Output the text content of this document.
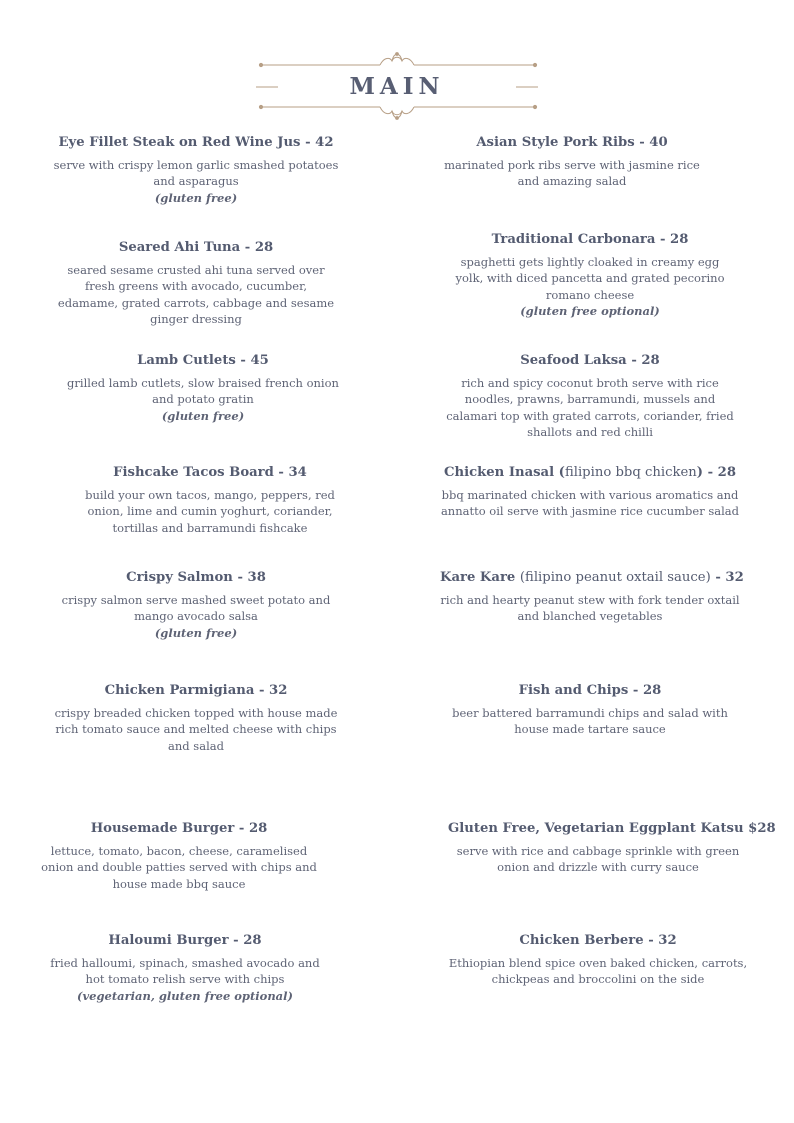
MAIN
Eye Fillet Steak on Red Wine Jus - 42
serve with crispy lemon garlic smashed potatoes and asparagus
(gluten free)
Seared Ahi Tuna - 28
seared sesame crusted ahi tuna served over fresh greens with avocado, cucumber, edamame, grated carrots, cabbage and sesame ginger dressing
Lamb Cutlets - 45
grilled lamb cutlets, slow braised french onion and potato gratin
(gluten free)
Fishcake Tacos Board - 34
build your own tacos, mango, peppers, red onion, lime and cumin yoghurt, coriander, tortillas and barramundi fishcake
Crispy Salmon - 38
crispy salmon serve mashed sweet potato and mango avocado salsa
(gluten free)
Chicken Parmigiana - 32
crispy breaded chicken topped with house made rich tomato sauce and melted cheese with chips and salad
Housemade Burger - 28
lettuce, tomato, bacon, cheese, caramelised onion and double patties served with chips and house made bbq sauce
Haloumi Burger - 28
fried halloumi, spinach, smashed avocado and hot tomato relish serve with chips
(vegetarian, gluten free optional)
Asian Style Pork Ribs - 40
marinated pork ribs serve with jasmine rice and amazing salad
Traditional Carbonara - 28
spaghetti gets lightly cloaked in creamy egg yolk, with diced pancetta and grated pecorino romano cheese
(gluten free optional)
Seafood Laksa - 28
rich and spicy coconut broth serve with rice noodles, prawns, barramundi, mussels and calamari top with grated carrots, coriander, fried shallots and red chilli
Chicken Inasal (filipino bbq chicken) - 28
bbq marinated chicken with various aromatics and annatto oil serve with jasmine rice cucumber salad
Kare Kare (filipino peanut oxtail sauce) - 32
rich and hearty peanut stew with fork tender oxtail and blanched vegetables
Fish and Chips - 28
beer battered barramundi chips and salad with house made tartare sauce
Gluten Free, Vegetarian Eggplant Katsu $28
serve with rice and cabbage sprinkle with green onion and drizzle with curry sauce
Chicken Berbere - 32
Ethiopian blend spice oven baked chicken, carrots, chickpeas and broccolini on the side
